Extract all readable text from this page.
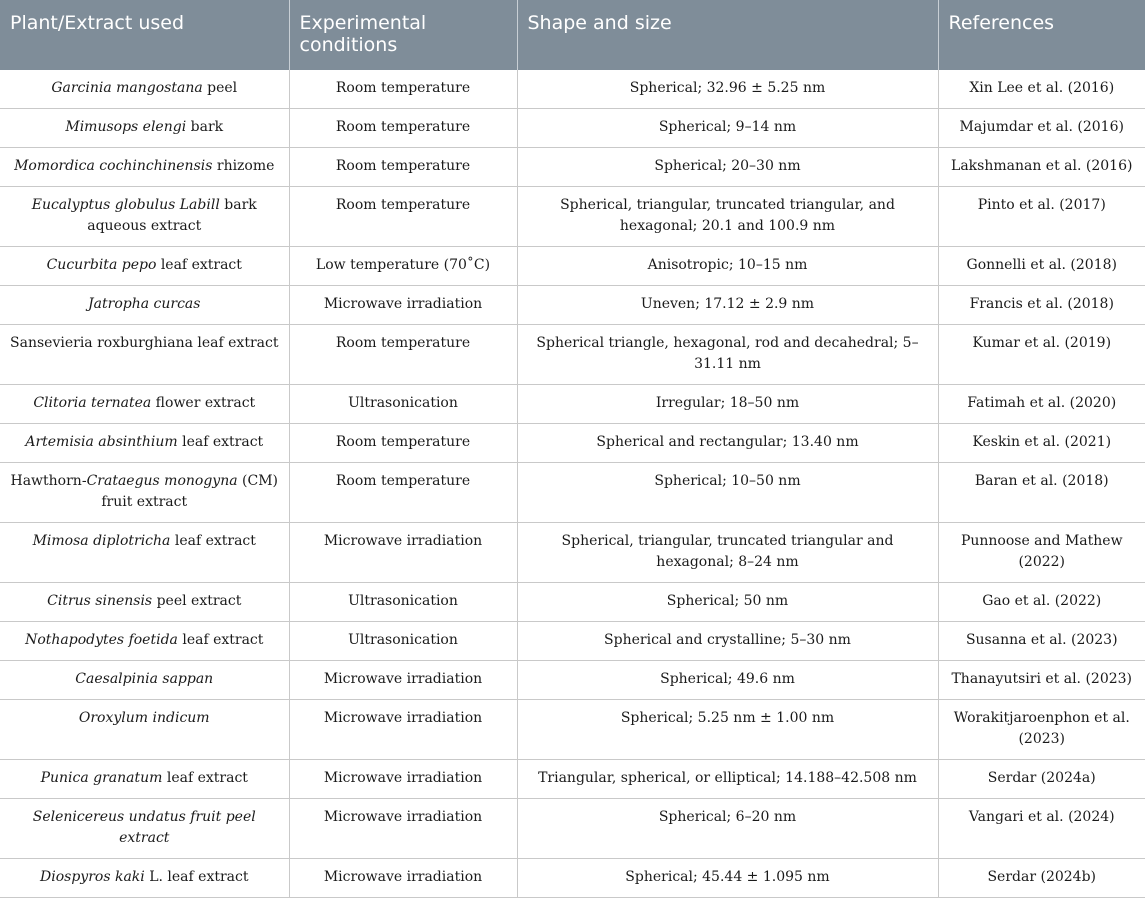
Plant/Extract used	Experimental conditions	Shape and size	References
Garcinia mangostana peel	Room temperature	Spherical; 32.96 ± 5.25 nm	Xin Lee et al. (2016)
Mimusops elengi bark	Room temperature	Spherical; 9–14 nm	Majumdar et al. (2016)
Momordica cochinchinensis rhizome	Room temperature	Spherical; 20–30 nm	Lakshmanan et al. (2016)
Eucalyptus globulus Labill bark aqueous extract	Room temperature	Spherical, triangular, truncated triangular, and hexagonal; 20.1 and 100.9 nm	Pinto et al. (2017)
Cucurbita pepo leaf extract	Low temperature (70˚C)	Anisotropic; 10–15 nm	Gonnelli et al. (2018)
Jatropha curcas	Microwave irradiation	Uneven; 17.12 ± 2.9 nm	Francis et al. (2018)
Sansevieria roxburghiana leaf extract	Room temperature	Spherical triangle, hexagonal, rod and decahedral; 5–31.11 nm	Kumar et al. (2019)
Clitoria ternatea flower extract	Ultrasonication	Irregular; 18–50 nm	Fatimah et al. (2020)
Artemisia absinthium leaf extract	Room temperature	Spherical and rectangular; 13.40 nm	Keskin et al. (2021)
Hawthorn-Crataegus monogyna (CM) fruit extract	Room temperature	Spherical; 10–50 nm	Baran et al. (2018)
Mimosa diplotricha leaf extract	Microwave irradiation	Spherical, triangular, truncated triangular and hexagonal; 8–24 nm	Punnoose and Mathew (2022)
Citrus sinensis peel extract	Ultrasonication	Spherical; 50 nm	Gao et al. (2022)
Nothapodytes foetida leaf extract	Ultrasonication	Spherical and crystalline; 5–30 nm	Susanna et al. (2023)
Caesalpinia sappan	Microwave irradiation	Spherical; 49.6 nm	Thanayutsiri et al. (2023)
Oroxylum indicum	Microwave irradiation	Spherical; 5.25 nm ± 1.00 nm	Worakitjaroenphon et al. (2023)
Punica granatum leaf extract	Microwave irradiation	Triangular, spherical, or elliptical; 14.188–42.508 nm	Serdar (2024a)
Selenicereus undatus fruit peel extract	Microwave irradiation	Spherical; 6–20 nm	Vangari et al. (2024)
Diospyros kaki L. leaf extract	Microwave irradiation	Spherical; 45.44 ± 1.095 nm	Serdar (2024b)
